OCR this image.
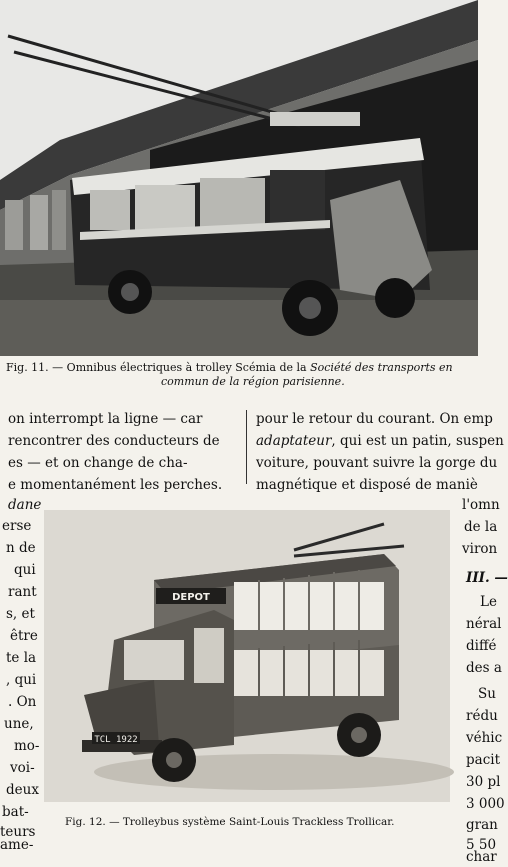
Fig. 11. — Omnibus électriques à trolley Scémia de la Société des transports en
commun de la région parisienne.
on interrompt la ligne — car
rencontrer des conducteurs de
es — et on change de cha-
e momentanément les perches.
dane
pour le retour du courant. On emp
adaptateur, qui est un patin, suspen
voiture, pouvant suivre la gorge du
magnétique et disposé de maniè
erse
n de
qui
rant
s, et
être
te la
, qui
. On
une,
mo-
voi-
deux
bat-
teurs
ame-
l'omn
de la
viron
III. —
Le
néral
diffé
des a
Su
rédu
véhic
pacit
30 pl
3 000
gran
5 50
char
DEPOT
TCL 1922
Fig. 12. — Trolleybus système Saint-Louis Trackless Trollicar.
